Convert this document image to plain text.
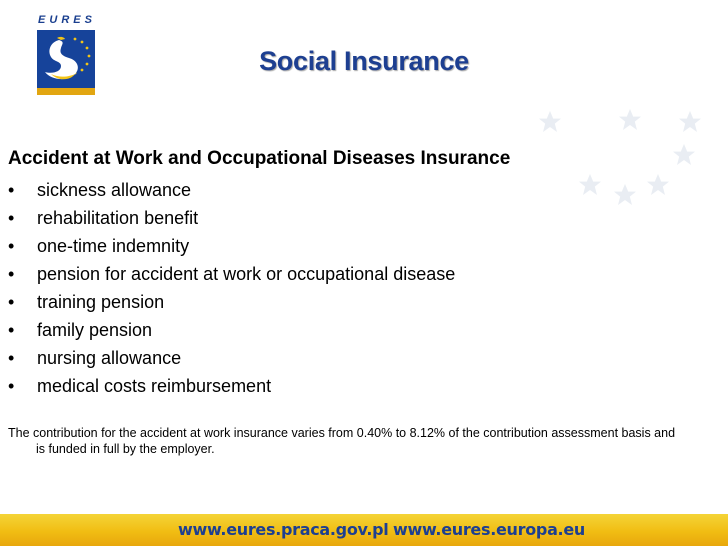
EURES
Social Insurance
Accident at Work and Occupational Diseases Insurance
• sickness allowance
• rehabilitation benefit
• one-time indemnity
• pension for accident at work or occupational disease
• training pension
• family pension
• nursing allowance
• medical costs reimbursement

The contribution for the accident at work insurance varies from 0.40% to 8.12% of the contribution assessment basis and is funded in full by the employer.

www.eures.praca.gov.pl www.eures.europa.eu
